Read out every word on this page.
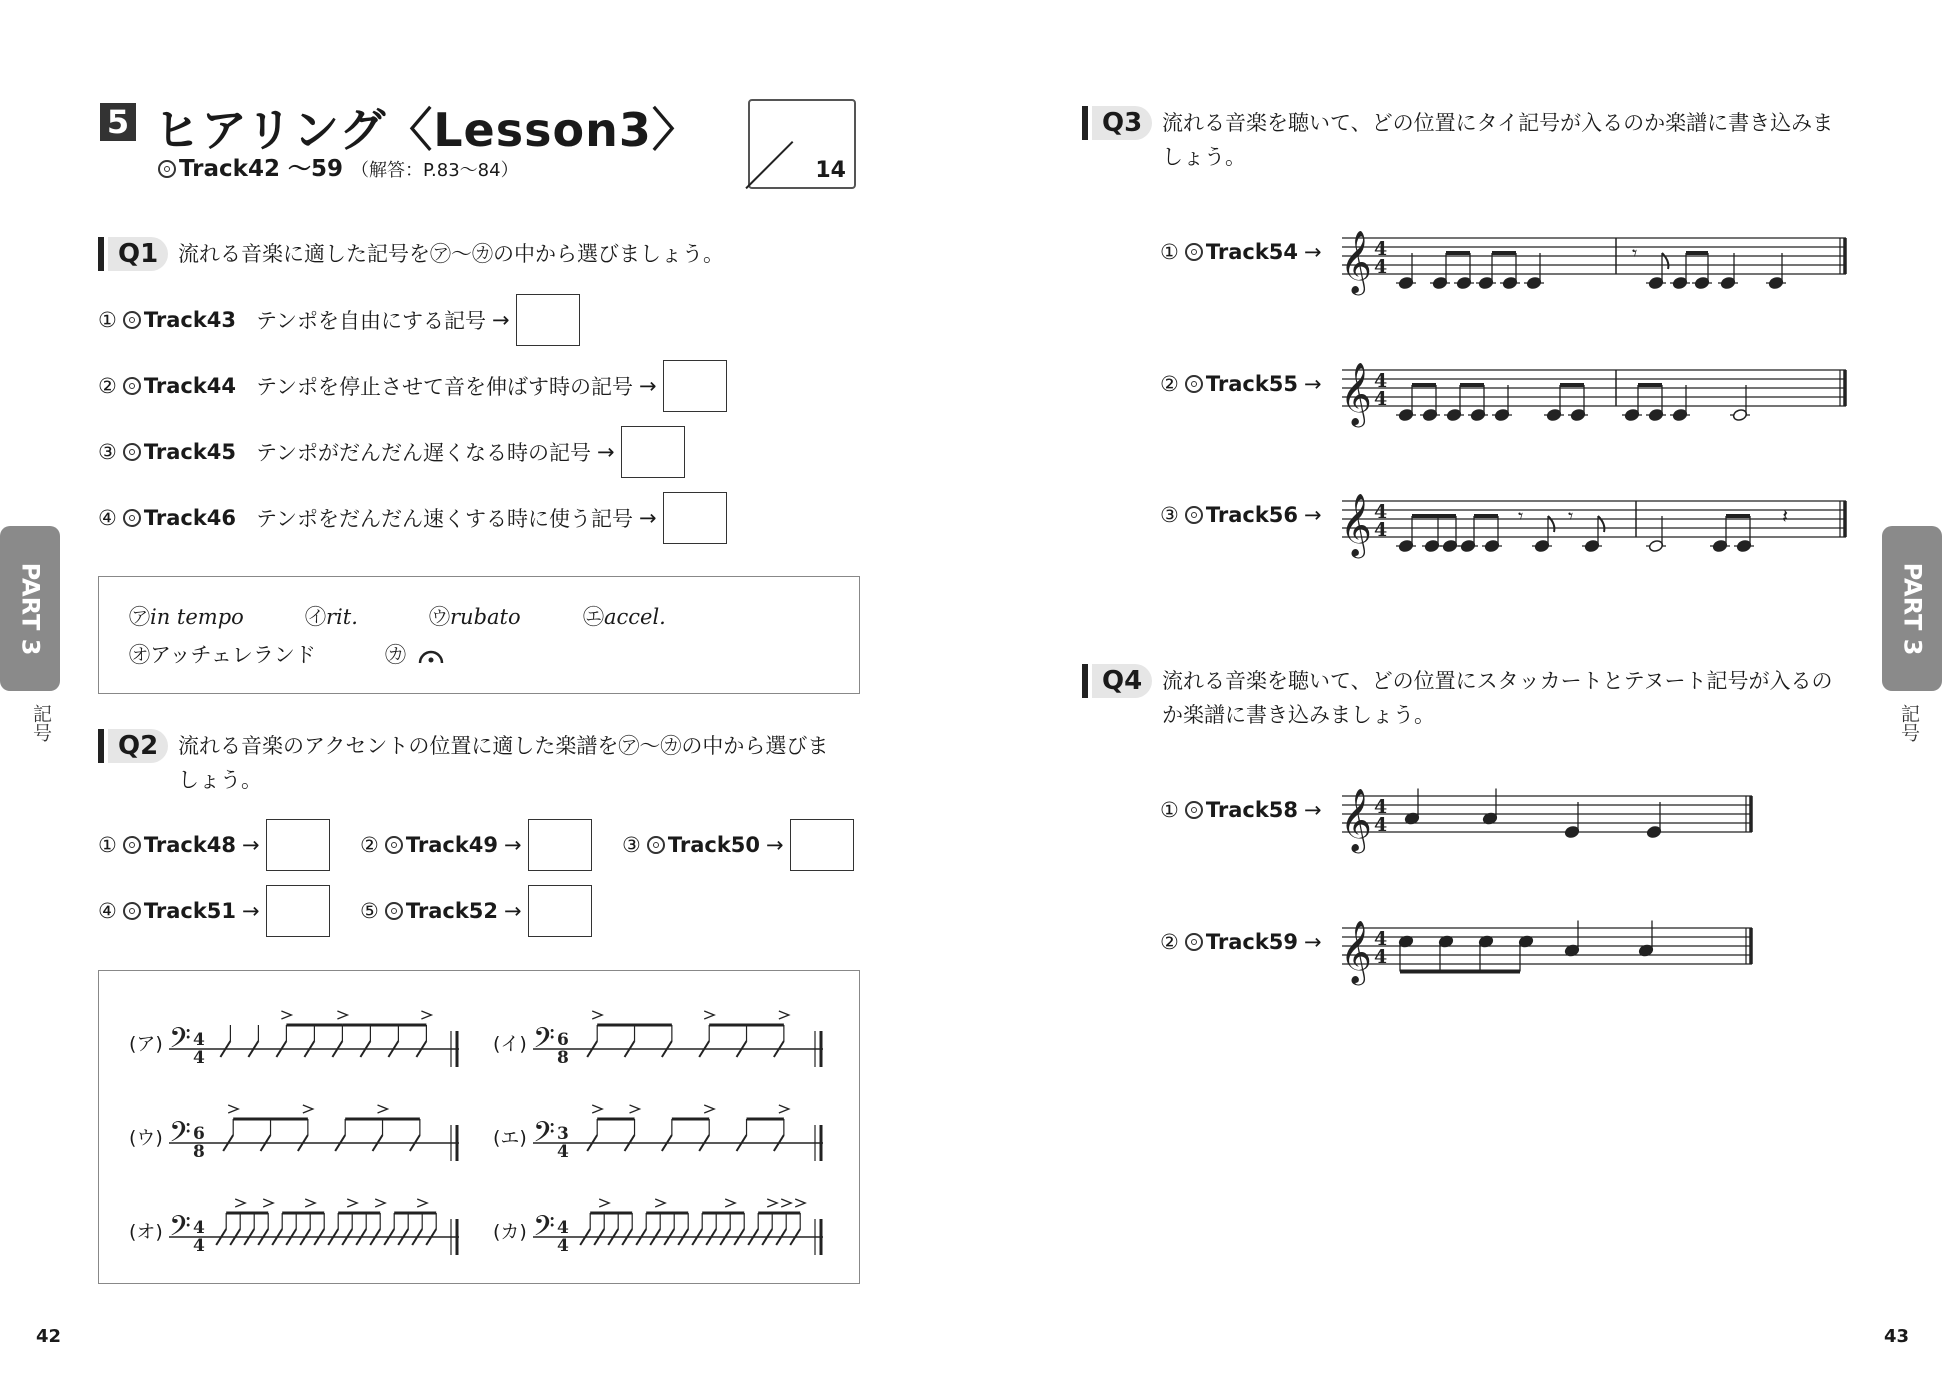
5 ヒアリング〈Lesson3〉
Track42 ～59 （解答：P.83～84）	14
Q1 流れる音楽に適した記号を㋐～㋕の中から選びましょう。
① Track43 テンポを自由にする記号 →
② Track44 テンポを停止させて音を伸ばす時の記号 →
③ Track45 テンポがだんだん遅くなる時の記号 →
④ Track46 テンポをだんだん速くする時に使う記号 →
㋐in tempo	㋑rit.	㋒rubato	㋓accel.
㋔アッチェレランド	㋕
Q2 流れる音楽のアクセントの位置に適した楽譜を㋐～㋕の中から選びま
しょう。
① Track48 →	② Track49 →	③ Track50 →
④ Track51 →	⑤ Track52 →
(ア) 𝄢 4
4
(イ) 𝄢 6
8
(ウ) 𝄢 6
8
(エ) 𝄢 3
4
(オ) 𝄢 4
4
(カ) 𝄢 4
4
42
PART 3
記号
Q3 流れる音楽を聴いて、どの位置にタイ記号が入るのか楽譜に書き込みま
しょう。
① Track54 → 𝄞 4
4
𝄾
② Track55 → 𝄞 4
4
③ Track56 → 𝄞 4
4
𝄾 𝄾	𝄽
Q4 流れる音楽を聴いて、どの位置にスタッカートとテヌート記号が入るの
か楽譜に書き込みましょう。
① Track58 → 𝄞 4
4
② Track59 → 𝄞 4
4
43
PART 3
記号
